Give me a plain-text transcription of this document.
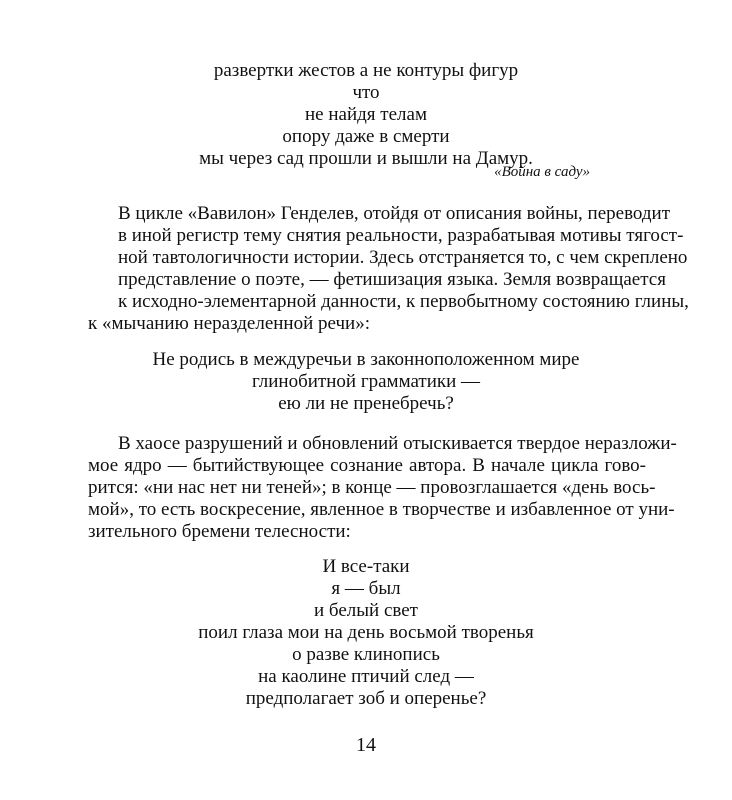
развертки жестов а не контуры фигур
что
не найдя телам
опору даже в смерти
мы через сад прошли и вышли на Дамур.
«Война в саду»
В цикле «Вавилон» Генделев, отойдя от описания войны, переводит
в иной регистр тему снятия реальности, разрабатывая мотивы тягост-
ной тавтологичности истории. Здесь отстраняется то, с чем скреплено
представление о поэте, — фетишизация языка. Земля возвращается
к исходно-элементарной данности, к первобытному состоянию глины,
к «мычанию неразделенной речи»:
Не родись в междуречьи в законноположенном мире
глинобитной грамматики —
ею ли не пренебречь?
В хаосе разрушений и обновлений отыскивается твердое неразложи-
мое ядро — бытийствующее сознание автора. В начале цикла гово-
рится: «ни нас нет ни теней»; в конце — провозглашается «день вось-
мой», то есть воскресение, явленное в творчестве и избавленное от уни-
зительного бремени телесности:
И все-таки
я — был
и белый свет
поил глаза мои на день восьмой творенья
о разве клинопись
на каолине птичий след —
предполагает зоб и оперенье?
14
